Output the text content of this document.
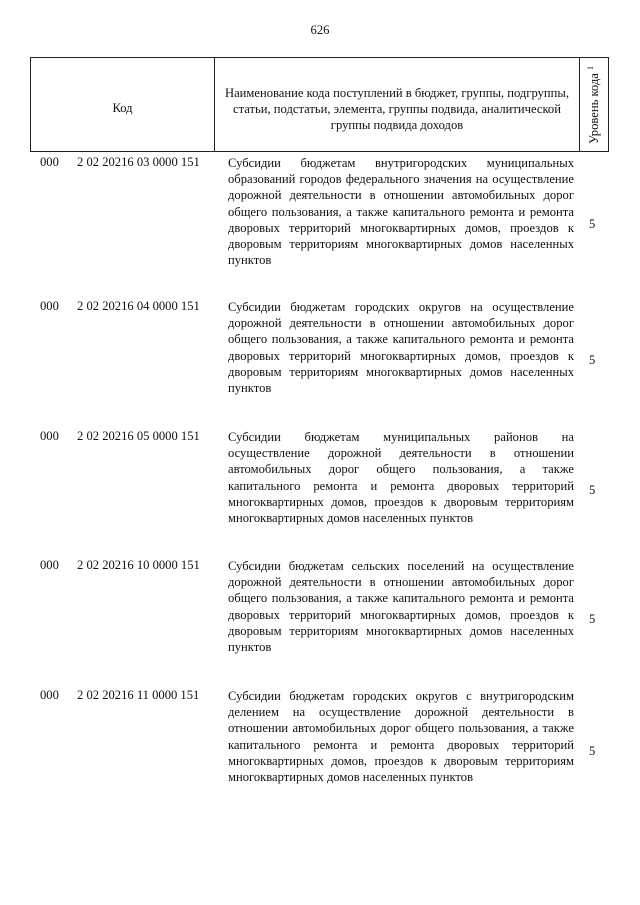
626
Код
Наименование кода поступлений в бюджет, группы, подгруппы, статьи, подстатьи, элемента, группы подвида, аналитической группы подвида доходов	Уровень кода $^1$
000 2 02 20216 03 0000 151 Субсидии бюджетам внутригородских муниципальных образований городов федерального значения на осуществление дорожной деятельности в отношении автомобильных дорог общего пользования, а также капитального ремонта и ремонта дворовых территорий многоквартирных домов, проездов к дворовым территориям многоквартирных домов населенных пунктов
5
000 2 02 20216 04 0000 151 Субсидии бюджетам городских округов на осуществление дорожной деятельности в отношении автомобильных дорог общего пользования, а также капитального ремонта и ремонта дворовых территорий многоквартирных домов, проездов к дворовым территориям многоквартирных домов населенных пунктов
5
000 2 02 20216 05 0000 151 Субсидии бюджетам муниципальных районов на осуществление дорожной деятельности в отношении автомобильных дорог общего пользования, а также капитального ремонта и ремонта дворовых территорий многоквартирных домов, проездов к дворовым территориям многоквартирных домов населенных пунктов
5
000 2 02 20216 10 0000 151 Субсидии бюджетам сельских поселений на осуществление дорожной деятельности в отношении автомобильных дорог общего пользования, а также капитального ремонта и ремонта дворовых территорий многоквартирных домов, проездов к дворовым территориям многоквартирных домов населенных пунктов
5
000 2 02 20216 11 0000 151 Субсидии бюджетам городских округов с внутригородским делением на осуществление дорожной деятельности в отношении автомобильных дорог общего пользования, а также капитального ремонта и ремонта дворовых территорий многоквартирных домов, проездов к дворовым территориям многоквартирных домов населенных пунктов
5
